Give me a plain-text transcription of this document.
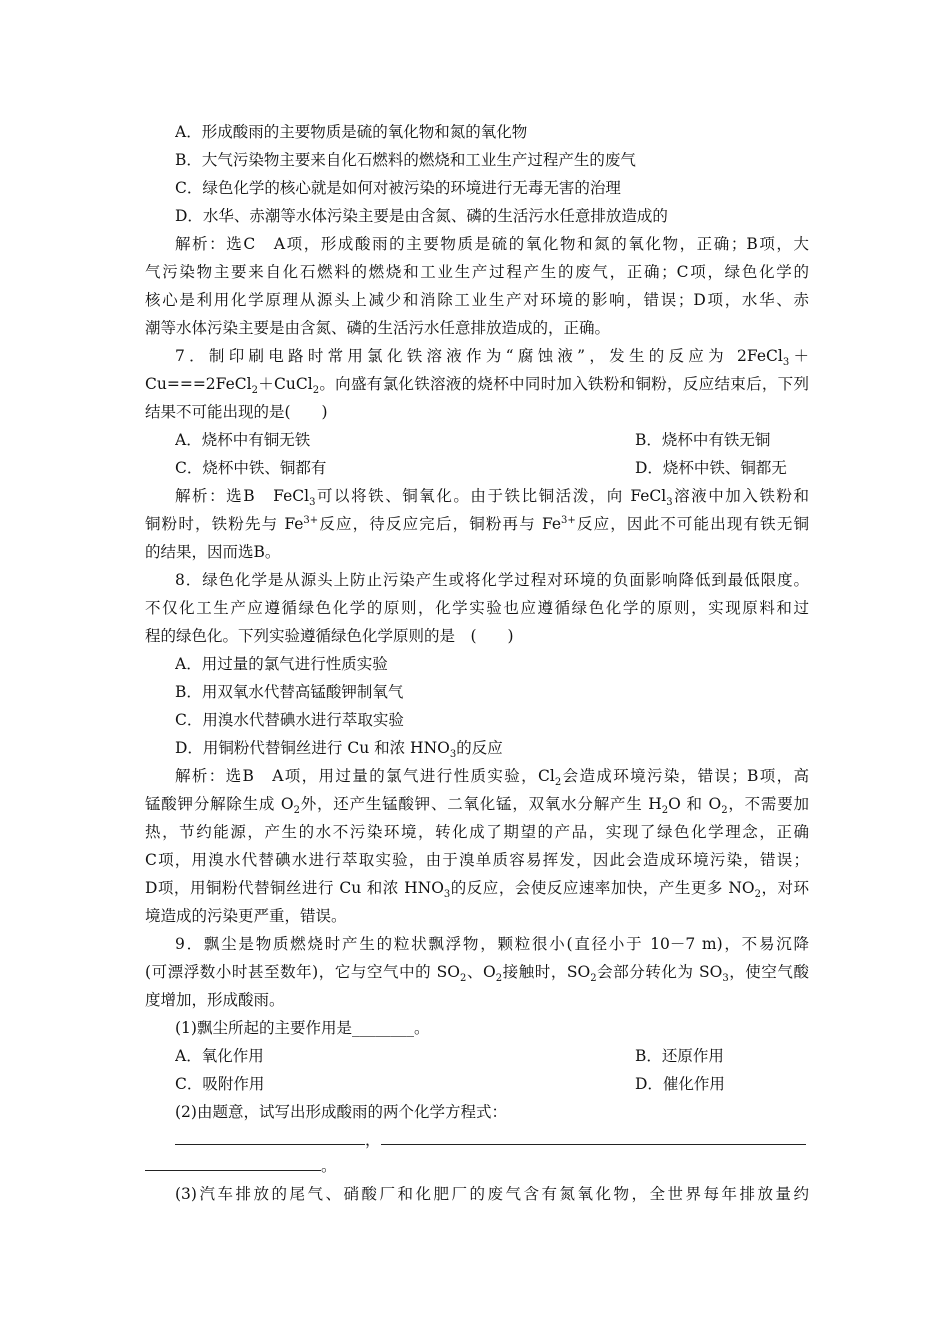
A．形成酸雨的主要物质是硫的氧化物和氮的氧化物
B．大气污染物主要来自化石燃料的燃烧和工业生产过程产生的废气
C．绿色化学的核心就是如何对被污染的环境进行无毒无害的治理
D．水华、赤潮等水体污染主要是由含氮、磷的生活污水任意排放造成的
解析：选C　A项，形成酸雨的主要物质是硫的氧化物和氮的氧化物，正确；B项，大
气污染物主要来自化石燃料的燃烧和工业生产过程产生的废气，正确；C项，绿色化学的
核心是利用化学原理从源头上减少和消除工业生产对环境的影响，错误；D项，水华、赤
潮等水体污染主要是由含氮、磷的生活污水任意排放造成的，正确。
7．制印刷电路时常用氯化铁溶液作为“腐蚀液”，发生的反应为 2FeCl$_3$＋
Cu===2FeCl$_2$＋CuCl$_2$。向盛有氯化铁溶液的烧杯中同时加入铁粉和铜粉，反应结束后，下列
结果不可能出现的是(　　)
A．烧杯中有铜无铁	B．烧杯中有铁无铜
C．烧杯中铁、铜都有	D．烧杯中铁、铜都无
解析：选B　FeCl$_3$可以将铁、铜氧化。由于铁比铜活泼，向 FeCl$_3$溶液中加入铁粉和
铜粉时，铁粉先与 $Fe^{3+}$反应，待反应完后，铜粉再与 $Fe^{3+}$反应，因此不可能出现有铁无铜
的结果，因而选B。
8．绿色化学是从源头上防止污染产生或将化学过程对环境的负面影响降低到最低限度。
不仅化工生产应遵循绿色化学的原则，化学实验也应遵循绿色化学的原则，实现原料和过
程的绿色化。下列实验遵循绿色化学原则的是　(　　)
A．用过量的氯气进行性质实验
B．用双氧水代替高锰酸钾制氧气
C．用溴水代替碘水进行萃取实验
D．用铜粉代替铜丝进行 Cu 和浓 $HNO_3$的反应
解析：选B　A项，用过量的氯气进行性质实验，$Cl_2$会造成环境污染，错误；B项，高
锰酸钾分解除生成 $O_2$外，还产生锰酸钾、二氧化锰，双氧水分解产生 $H_2O$ 和 $O_2$，不需要加
热，节约能源，产生的水不污染环境，转化成了期望的产品，实现了绿色化学理念，正确
C项，用溴水代替碘水进行萃取实验，由于溴单质容易挥发，因此会造成环境污染，错误；
D项，用铜粉代替铜丝进行 Cu 和浓 $HNO_3$的反应，会使反应速率加快，产生更多 $NO_2$，对环
境造成的污染更严重，错误。
9．飘尘是物质燃烧时产生的粒状飘浮物，颗粒很小(直径小于 10－7 m)，不易沉降
(可漂浮数小时甚至数年)，它与空气中的 $SO_2$、$O_2$接触时，$SO_2$会部分转化为 $SO_3$，使空气酸
度增加，形成酸雨。
(1)飘尘所起的主要作用是________。
A．氧化作用	B．还原作用
C．吸附作用	D．催化作用
(2)由题意，试写出形成酸雨的两个化学方程式：
，
。
(3)汽车排放的尾气、硝酸厂和化肥厂的废气含有氮氧化物，全世界每年排放量约
